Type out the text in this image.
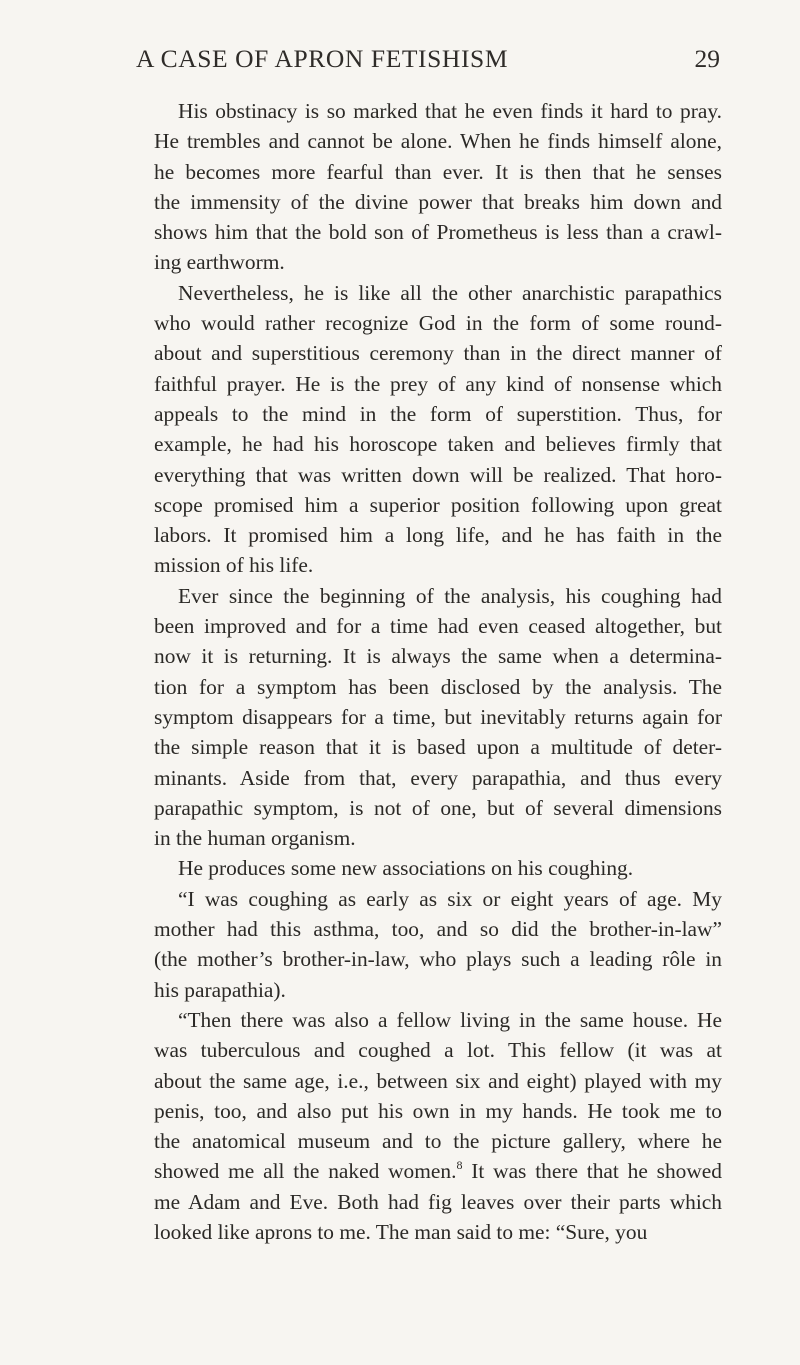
A CASE OF APRON FETISHISM	29
His obstinacy is so marked that he even finds it hard to pray.
He trembles and cannot be alone. When he finds himself alone,
he becomes more fearful than ever. It is then that he senses
the immensity of the divine power that breaks him down and
shows him that the bold son of Prometheus is less than a crawl-
ing earthworm.
Nevertheless, he is like all the other anarchistic parapathics
who would rather recognize God in the form of some round-
about and superstitious ceremony than in the direct manner of
faithful prayer. He is the prey of any kind of nonsense which
appeals to the mind in the form of superstition. Thus, for
example, he had his horoscope taken and believes firmly that
everything that was written down will be realized. That horo-
scope promised him a superior position following upon great
labors. It promised him a long life, and he has faith in the
mission of his life.
Ever since the beginning of the analysis, his coughing had
been improved and for a time had even ceased altogether, but
now it is returning. It is always the same when a determina-
tion for a symptom has been disclosed by the analysis. The
symptom disappears for a time, but inevitably returns again for
the simple reason that it is based upon a multitude of deter-
minants. Aside from that, every parapathia, and thus every
parapathic symptom, is not of one, but of several dimensions
in the human organism.
He produces some new associations on his coughing.
“I was coughing as early as six or eight years of age. My
mother had this asthma, too, and so did the brother-in-law”
(the mother’s brother-in-law, who plays such a leading rôle in
his parapathia).
“Then there was also a fellow living in the same house. He
was tuberculous and coughed a lot. This fellow (it was at
about the same age, i.e., between six and eight) played with my
penis, too, and also put his own in my hands. He took me to
the anatomical museum and to the picture gallery, where he
showed me all the naked women.$^8$ It was there that he showed
me Adam and Eve. Both had fig leaves over their parts which
looked like aprons to me. The man said to me: “Sure, you
